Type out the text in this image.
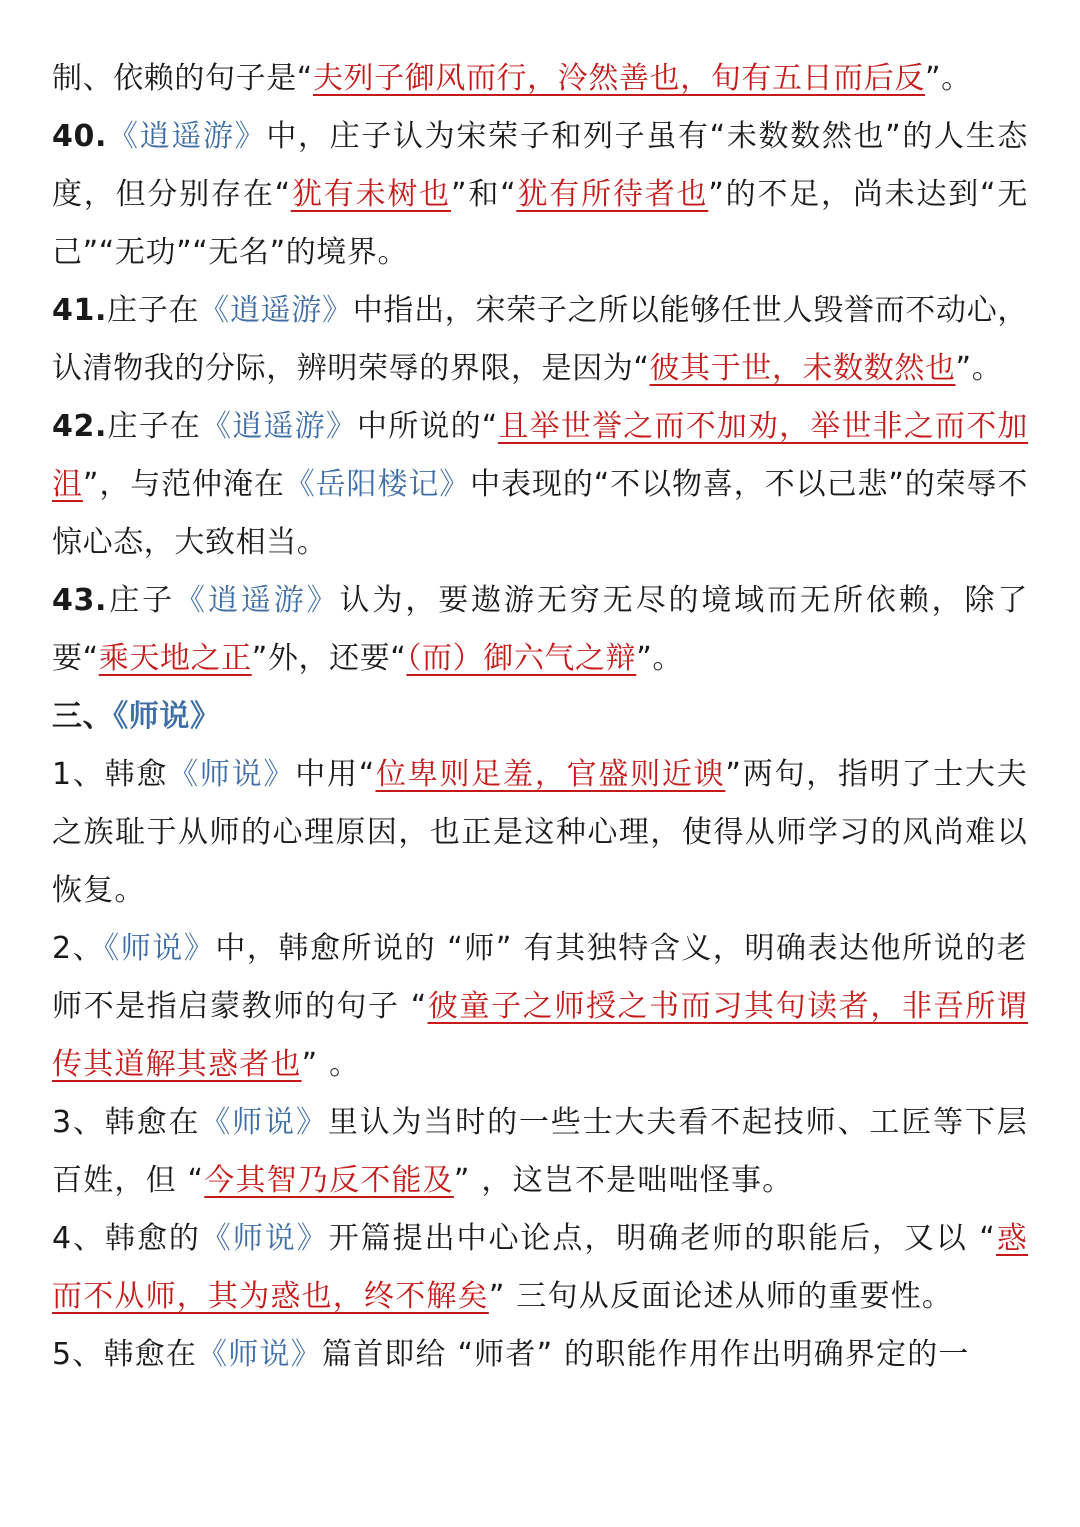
制、依赖的句子是“夫列子御风而行，泠然善也，旬有五日而后反”。

40.《逍遥游》中，庄子认为宋荣子和列子虽有“未数数然也”的人生态度，但分别存在“犹有未树也”和“犹有所待者也”的不足，尚未达到“无己”“无功”“无名”的境界。

41.庄子在《逍遥游》中指出，宋荣子之所以能够任世人毁誉而不动心，认清物我的分际，辨明荣辱的界限，是因为“彼其于世，未数数然也”。

42.庄子在《逍遥游》中所说的“且举世誉之而不加劝，举世非之而不加沮”，与范仲淹在《岳阳楼记》中表现的“不以物喜，不以己悲”的荣辱不惊心态，大致相当。

43.庄子《逍遥游》认为，要遨游无穷无尽的境域而无所依赖，除了要“乘天地之正”外，还要“（而）御六气之辩”。

三、《师说》

1、韩愈《师说》中用“位卑则足羞，官盛则近谀”两句，指明了士大夫之族耻于从师的心理原因，也正是这种心理，使得从师学习的风尚难以恢复。

2、《师说》中，韩愈所说的 “师” 有其独特含义，明确表达他所说的老师不是指启蒙教师的句子 “彼童子之师授之书而习其句读者，非吾所谓传其道解其惑者也” 。

3、韩愈在《师说》里认为当时的一些士大夫看不起技师、工匠等下层百姓，但 “今其智乃反不能及” ，这岂不是咄咄怪事。

4、韩愈的《师说》开篇提出中心论点，明确老师的职能后，又以 “惑而不从师，其为惑也，终不解矣” 三句从反面论述从师的重要性。

5、韩愈在《师说》篇首即给 “师者” 的职能作用作出明确界定的一
